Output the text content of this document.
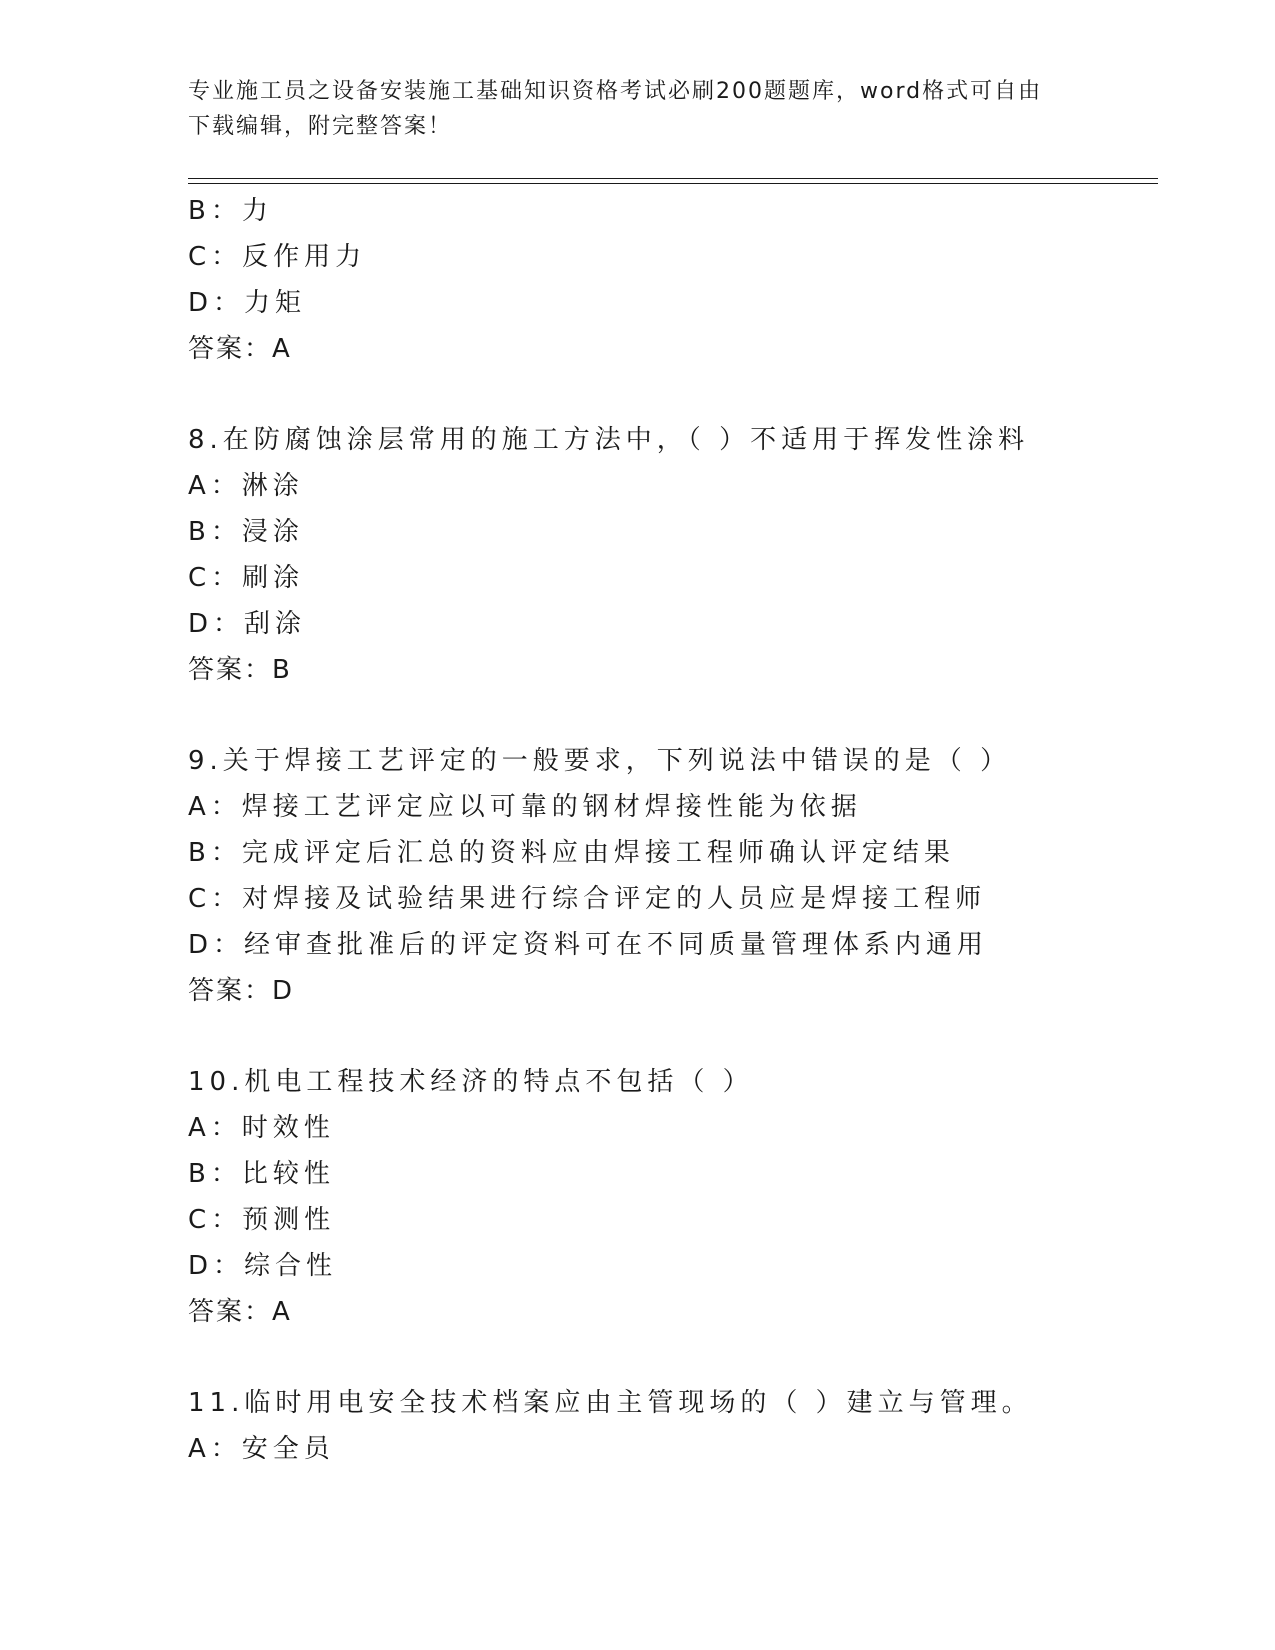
专业施工员之设备安装施工基础知识资格考试必刷200题题库，word格式可自由
下载编辑，附完整答案！
B：力
C：反作用力
D：力矩
答案：A
8.在防腐蚀涂层常用的施工方法中，（ ）不适用于挥发性涂料
A：淋涂
B：浸涂
C：刷涂
D：刮涂
答案：B
9.关于焊接工艺评定的一般要求，下列说法中错误的是（ ）
A：焊接工艺评定应以可靠的钢材焊接性能为依据
B：完成评定后汇总的资料应由焊接工程师确认评定结果
C：对焊接及试验结果进行综合评定的人员应是焊接工程师
D：经审查批准后的评定资料可在不同质量管理体系内通用
答案：D
10.机电工程技术经济的特点不包括（ ）
A：时效性
B：比较性
C：预测性
D：综合性
答案：A
11.临时用电安全技术档案应由主管现场的（ ）建立与管理。
A：安全员
